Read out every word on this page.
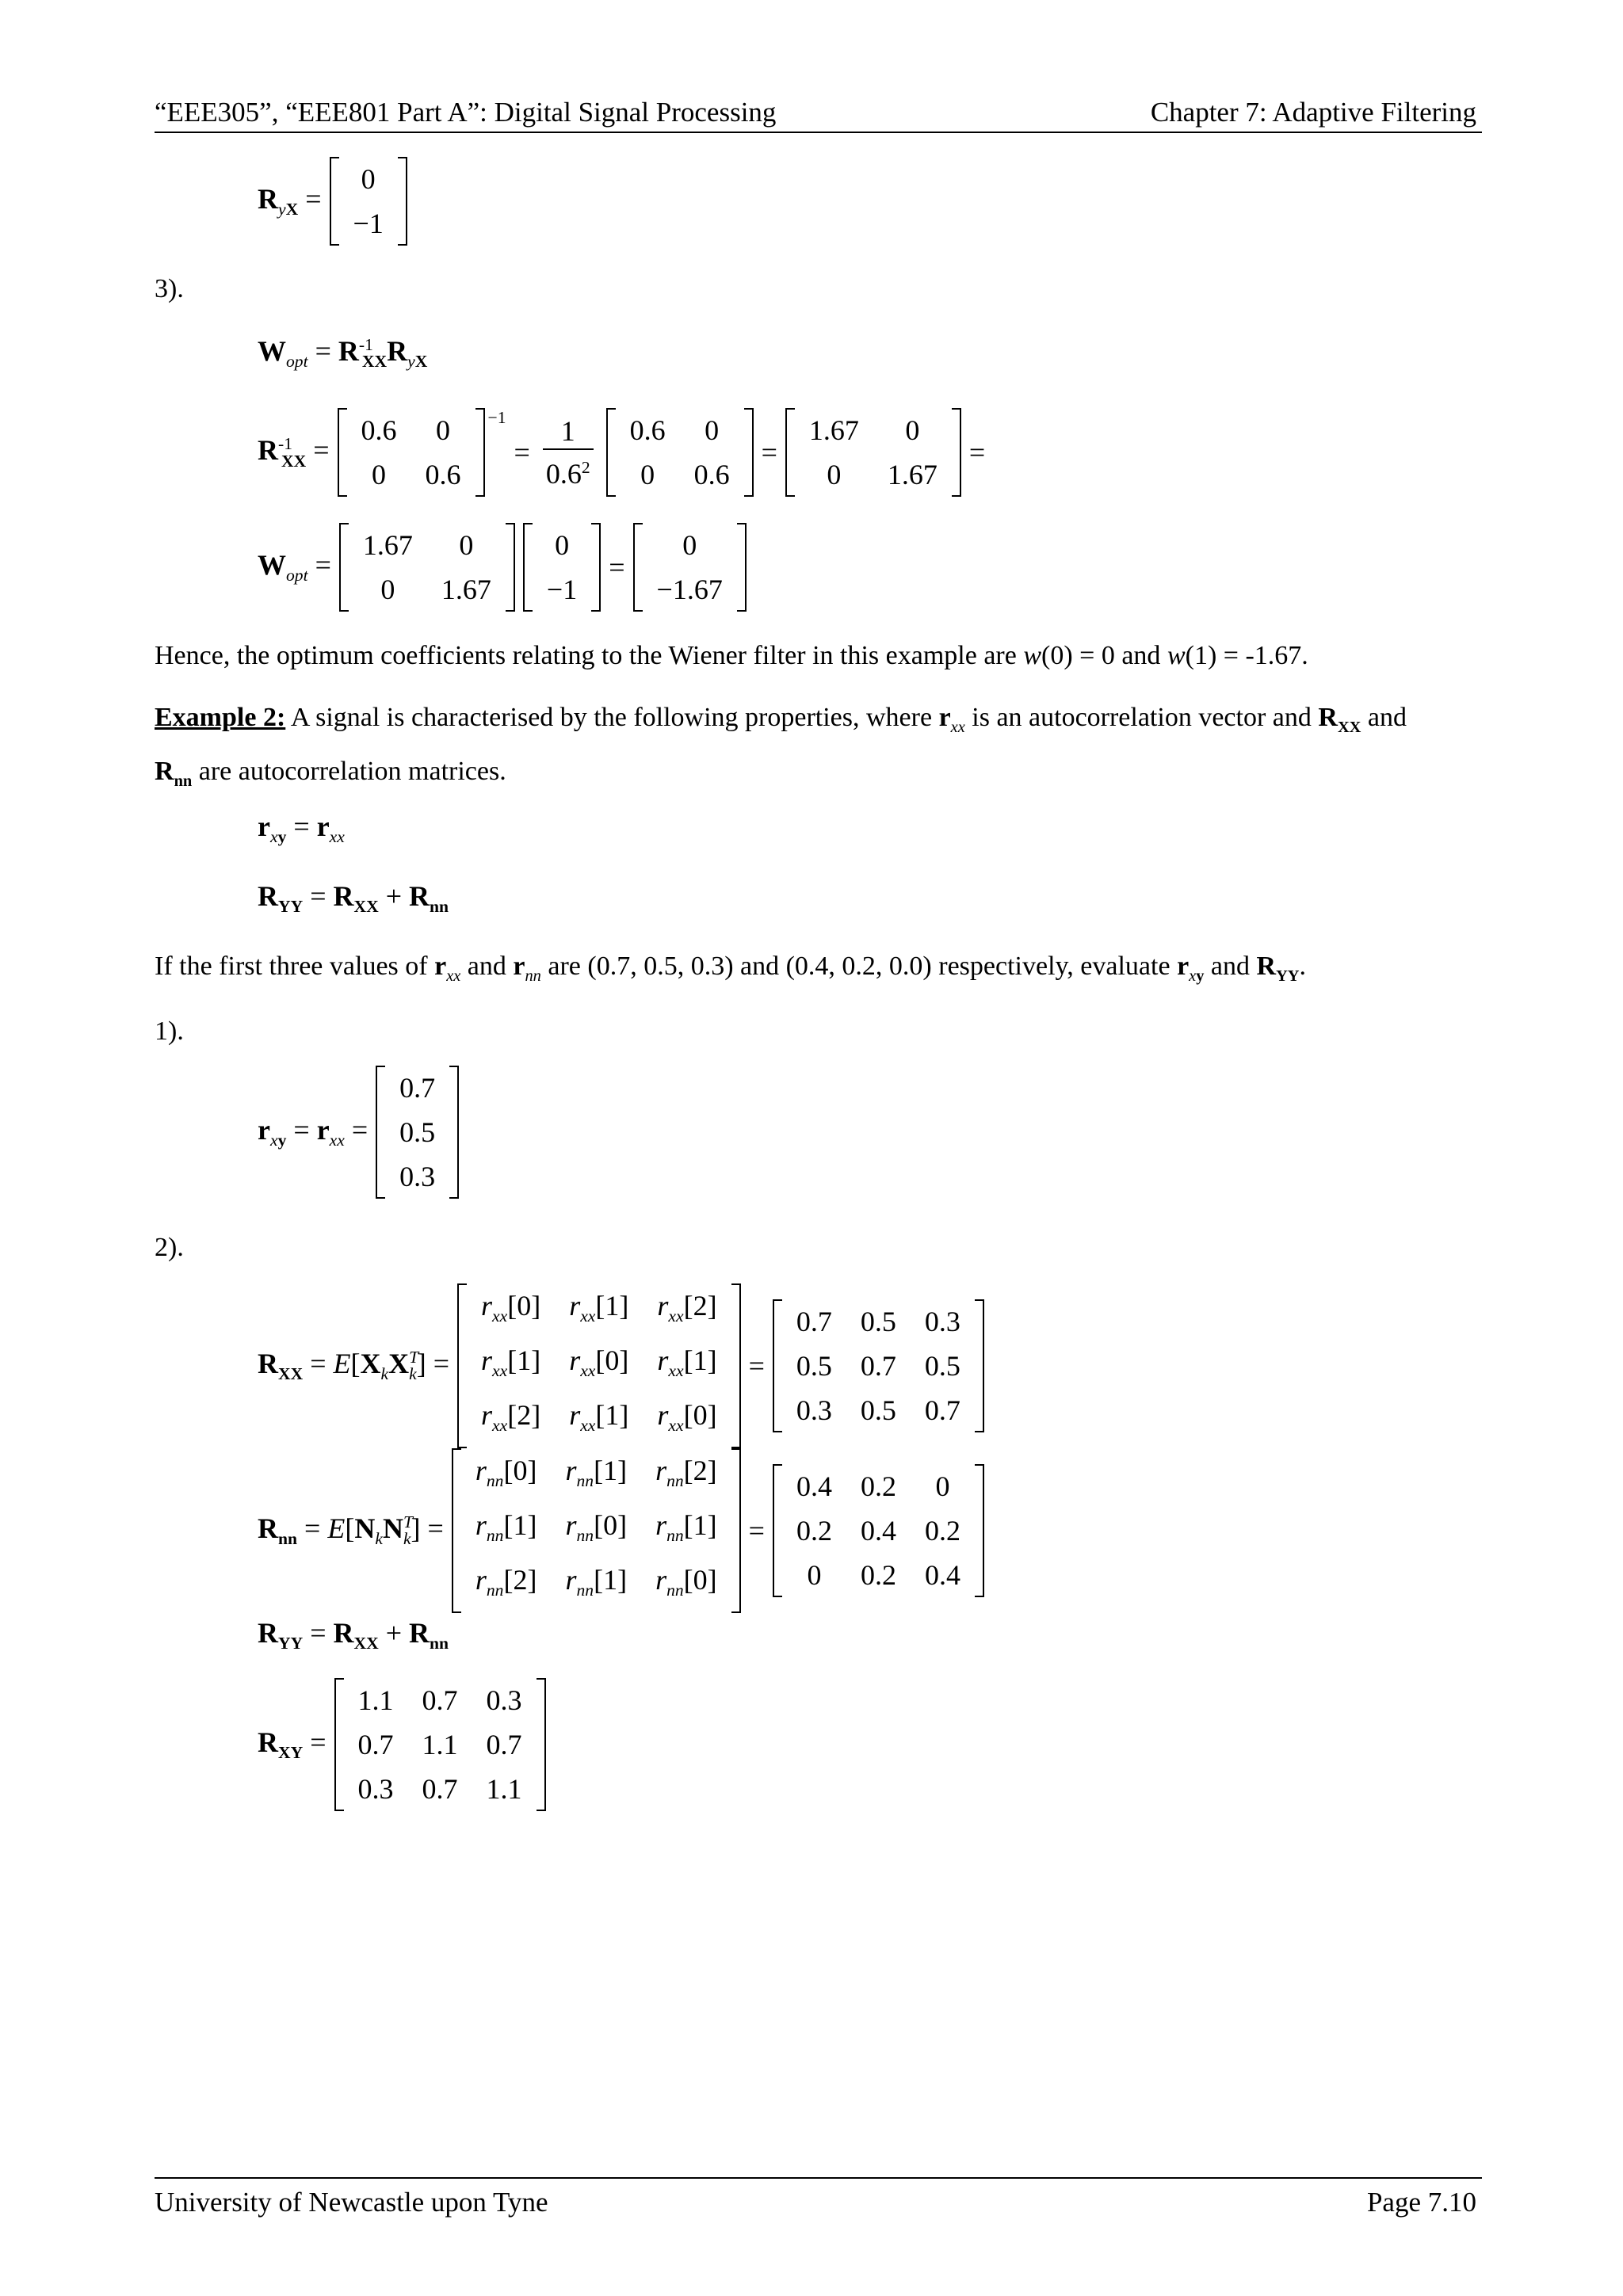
“EEE305”, “EEE801 Part A”: Digital Signal Processing	Chapter 7: Adaptive Filtering
$R_{yX}$ =
0
−1
3).
$W_{opt} = R^{-1}_{XX}R_{yX}$
$R^{-1}_{XX}$ =
0.6	0
0	0.6
$^{-1}$
= $\frac{1}{0.6^2} 0.6$	0
0	0.6
=
1.67	0
0	1.67
=
$W_{opt}$ =
1.67	0
0	1.67
0
−1
=
0
−1.67
Hence, the optimum coefficients relating to the Wiener filter in this example are w(0) = 0 and w(1) = -1.67.
Example 2: A signal is characterised by the following properties, where $r_{xx}$ is an autocorrelation vector and $R_{XX}$ and
$R_{nn}$ are autocorrelation matrices.
$r_{xy} = r_{xx}$
$R_{YY} = R_{XX} + R_{nn}$
If the first three values of $r_{xx}$ and $r_{nn}$ are (0.7, 0.5, 0.3) and (0.4, 0.2, 0.0) respectively, evaluate $r_{xy}$ and $R_{YY}$.
1).
$r_{xy} = r_{xx}$ =
0.7
0.5
0.3
2).
$R_{XX} = E[X_kX^T_k]$ =
$r_{xx}[0]$	$r_{xx}[1]$	$r_{xx}[2]$
$r_{xx}[1]$	$r_{xx}[0]$	$r_{xx}[1]$
$r_{xx}[2]$	$r_{xx}[1]$	$r_{xx}[0]$
=
0.7	0.5	0.3
0.5	0.7	0.5
0.3	0.5	0.7
$R_{nn} = E[N_kN^T_k]$ =
$r_{nn}[0]$	$r_{nn}[1]$	$r_{nn}[2]$
$r_{nn}[1]$	$r_{nn}[0]$	$r_{nn}[1]$
$r_{nn}[2]$	$r_{nn}[1]$	$r_{nn}[0]$
=
0.4	0.2	0
0.2	0.4	0.2
0	0.2	0.4
$R_{YY} = R_{XX} + R_{nn}$
$R_{XY}$ =
1.1	0.7	0.3
0.7	1.1	0.7
0.3	0.7	1.1
University of Newcastle upon Tyne	Page 7.10
